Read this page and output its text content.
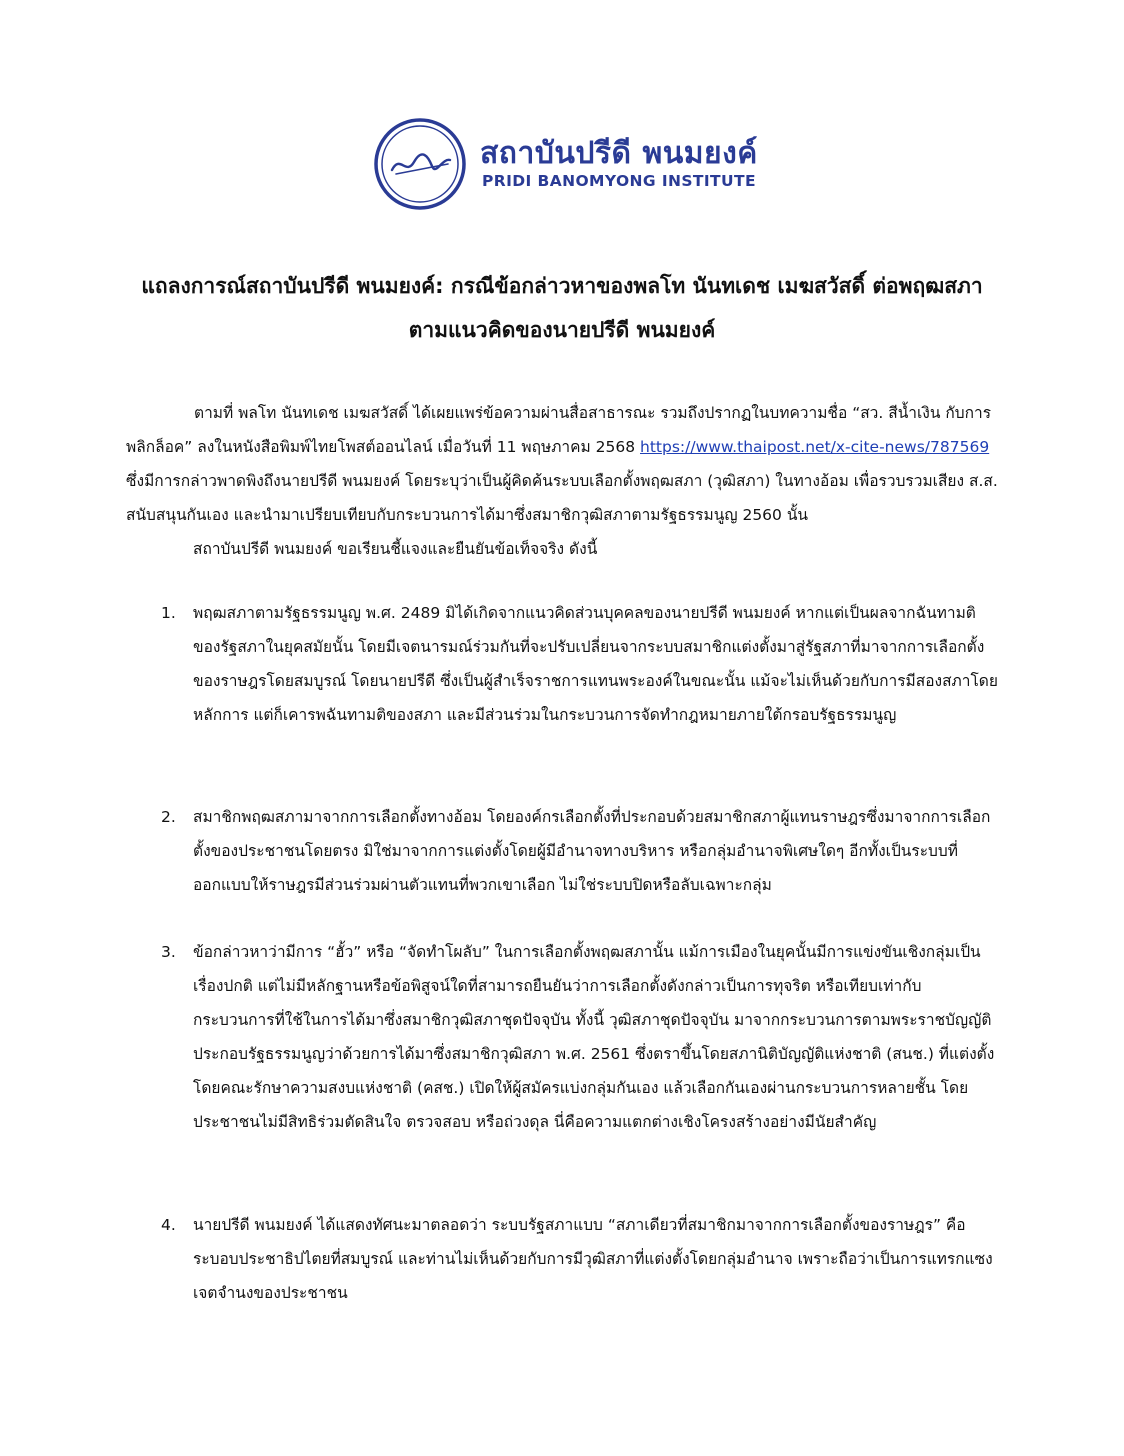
สถาบันปรีดี พนมยงค์
PRIDI BANOMYONG INSTITUTE
แถลงการณ์สถาบันปรีดี พนมยงค์: กรณีข้อกล่าวหาของพลโท นันทเดช เมฆสวัสดิ์ ต่อพฤฒสภา
ตามแนวคิดของนายปรีดี พนมยงค์
ตามที่ พลโท นันทเดช เมฆสวัสดิ์ ได้เผยแพร่ข้อความผ่านสื่อสาธารณะ รวมถึงปรากฏในบทความชื่อ “สว. สีน้ำเงิน กับการพลิกล็อค” ลงในหนังสือพิมพ์ไทยโพสต์ออนไลน์ เมื่อวันที่ 11 พฤษภาคม 2568 https://www.thaipost.net/x-cite-news/787569 ซึ่งมีการกล่าวพาดพิงถึงนายปรีดี พนมยงค์ โดยระบุว่าเป็นผู้คิดค้นระบบเลือกตั้งพฤฒสภา (วุฒิสภา) ในทางอ้อม เพื่อรวบรวมเสียง ส.ส. สนับสนุนกันเอง และนำมาเปรียบเทียบกับกระบวนการได้มาซึ่งสมาชิกวุฒิสภาตามรัฐธรรมนูญ 2560 นั้น
สถาบันปรีดี พนมยงค์ ขอเรียนชี้แจงและยืนยันข้อเท็จจริง ดังนี้
1. พฤฒสภาตามรัฐธรรมนูญ พ.ศ. 2489 มิได้เกิดจากแนวคิดส่วนบุคคลของนายปรีดี พนมยงค์ หากแต่เป็นผลจากฉันทามติของรัฐสภาในยุคสมัยนั้น โดยมีเจตนารมณ์ร่วมกันที่จะปรับเปลี่ยนจากระบบสมาชิกแต่งตั้งมาสู่รัฐสภาที่มาจากการเลือกตั้งของราษฎรโดยสมบูรณ์ โดยนายปรีดี ซึ่งเป็นผู้สำเร็จราชการแทนพระองค์ในขณะนั้น แม้จะไม่เห็นด้วยกับการมีสองสภาโดยหลักการ แต่ก็เคารพฉันทามติของสภา และมีส่วนร่วมในกระบวนการจัดทำกฎหมายภายใต้กรอบรัฐธรรมนูญ
2. สมาชิกพฤฒสภามาจากการเลือกตั้งทางอ้อม โดยองค์กรเลือกตั้งที่ประกอบด้วยสมาชิกสภาผู้แทนราษฎรซึ่งมาจากการเลือกตั้งของประชาชนโดยตรง มิใช่มาจากการแต่งตั้งโดยผู้มีอำนาจทางบริหาร หรือกลุ่มอำนาจพิเศษใดๆ อีกทั้งเป็นระบบที่ออกแบบให้ราษฎรมีส่วนร่วมผ่านตัวแทนที่พวกเขาเลือก ไม่ใช่ระบบปิดหรือลับเฉพาะกลุ่ม
3. ข้อกล่าวหาว่ามีการ “ฮั้ว” หรือ “จัดทำโผลับ” ในการเลือกตั้งพฤฒสภานั้น แม้การเมืองในยุคนั้นมีการแข่งขันเชิงกลุ่มเป็นเรื่องปกติ แต่ไม่มีหลักฐานหรือข้อพิสูจน์ใดที่สามารถยืนยันว่าการเลือกตั้งดังกล่าวเป็นการทุจริต หรือเทียบเท่ากับกระบวนการที่ใช้ในการได้มาซึ่งสมาชิกวุฒิสภาชุดปัจจุบัน ทั้งนี้ วุฒิสภาชุดปัจจุบัน มาจากกระบวนการตามพระราชบัญญัติประกอบรัฐธรรมนูญว่าด้วยการได้มาซึ่งสมาชิกวุฒิสภา พ.ศ. 2561 ซึ่งตราขึ้นโดยสภานิติบัญญัติแห่งชาติ (สนช.) ที่แต่งตั้งโดยคณะรักษาความสงบแห่งชาติ (คสช.) เปิดให้ผู้สมัครแบ่งกลุ่มกันเอง แล้วเลือกกันเองผ่านกระบวนการหลายชั้น โดยประชาชนไม่มีสิทธิร่วมตัดสินใจ ตรวจสอบ หรือถ่วงดุล นี่คือความแตกต่างเชิงโครงสร้างอย่างมีนัยสำคัญ
4. นายปรีดี พนมยงค์ ได้แสดงทัศนะมาตลอดว่า ระบบรัฐสภาแบบ “สภาเดียวที่สมาชิกมาจากการเลือกตั้งของราษฎร” คือระบอบประชาธิปไตยที่สมบูรณ์ และท่านไม่เห็นด้วยกับการมีวุฒิสภาที่แต่งตั้งโดยกลุ่มอำนาจ เพราะถือว่าเป็นการแทรกแซงเจตจำนงของประชาชน
